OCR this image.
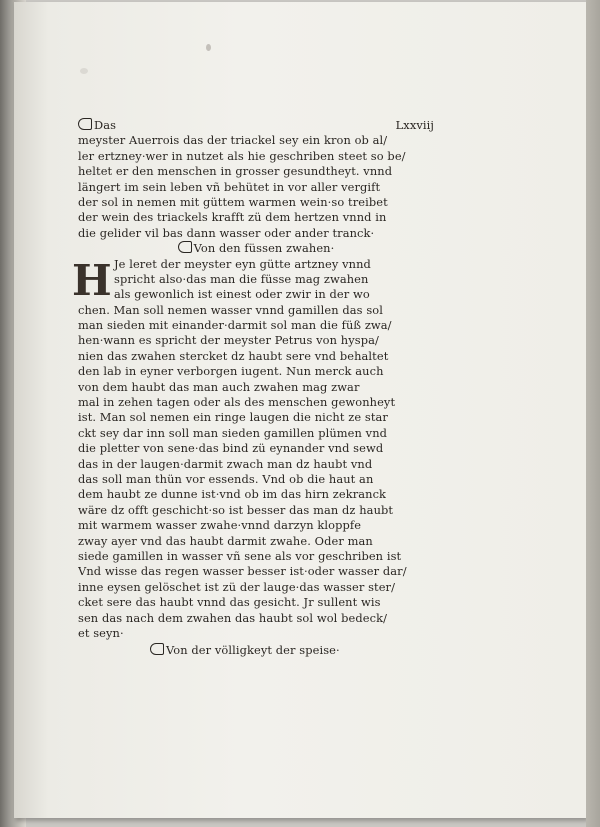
Das	Lxxviij
meyster Auerrois das der triackel sey ein kron ob al/
ler ertzney·wer in nutzet als hie geschriben steet so be/
heltet er den menschen in grosser gesundtheyt. vnnd
längert im sein leben vñ behütet in vor aller vergift
der sol in nemen mit güttem warmen wein·so treibet
der wein des triackels krafft zü dem hertzen vnnd in
die gelider vil bas dann wasser oder ander tranck·
Von den füssen zwahen·
H Je leret der meyster eyn gütte artzney vnnd
spricht also·das man die füsse mag zwahen
als gewonlich ist einest oder zwir in der wo
chen. Man soll nemen wasser vnnd gamillen das sol
man sieden mit einander·darmit sol man die füß zwa/
hen·wann es spricht der meyster Petrus von hyspa/
nien das zwahen stercket dz haubt sere vnd behaltet
den lab in eyner verborgen iugent. Nun merck auch
von dem haubt das man auch zwahen mag zwar
mal in zehen tagen oder als des menschen gewonheyt
ist. Man sol nemen ein ringe laugen die nicht ze star
ckt sey dar inn soll man sieden gamillen plümen vnd
die pletter von sene·das bind zü eynander vnd sewd
das in der laugen·darmit zwach man dz haubt vnd
das soll man thün vor essends. Vnd ob die haut an
dem haubt ze dunne ist·vnd ob im das hirn zekranck
wäre dz offt geschicht·so ist besser das man dz haubt
mit warmem wasser zwahe·vnnd darzyn kloppfe
zway ayer vnd das haubt darmit zwahe. Oder man
siede gamillen in wasser vñ sene als vor geschriben ist
Vnd wisse das regen wasser besser ist·oder wasser dar/
inne eysen gelöschet ist zü der lauge·das wasser ster/
cket sere das haubt vnnd das gesicht. Jr sullent wis
sen das nach dem zwahen das haubt sol wol bedeck/
et seyn·
Von der völligkeyt der speise·
